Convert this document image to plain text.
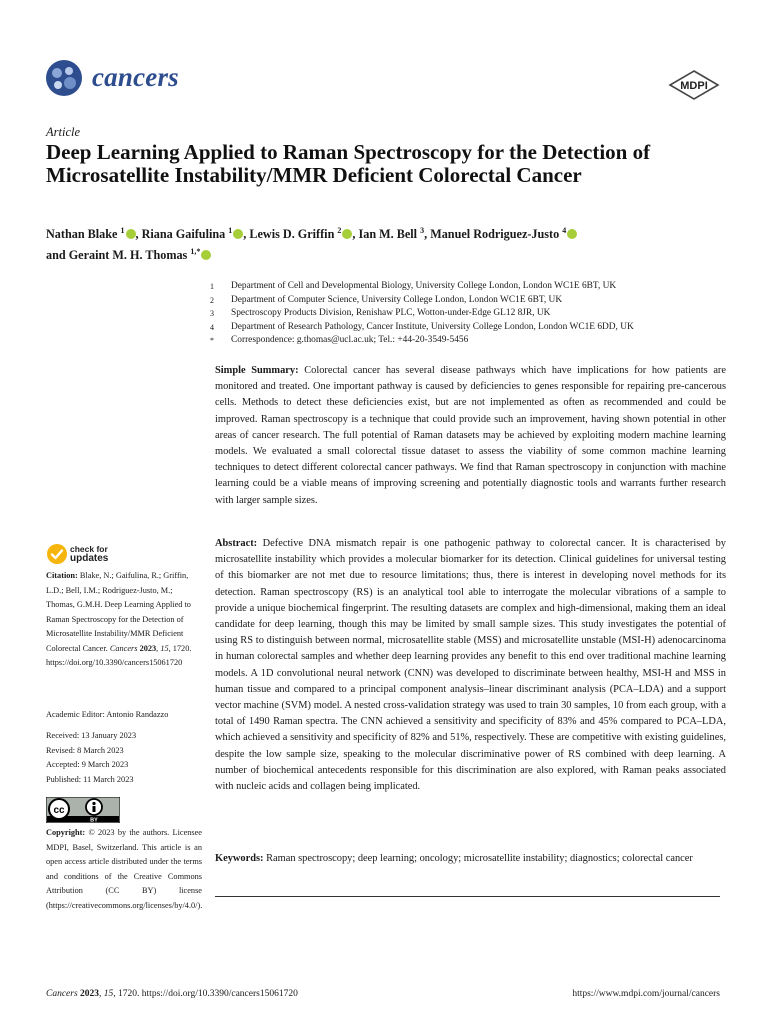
cancers	MDPI
Article
Deep Learning Applied to Raman Spectroscopy for the Detection of Microsatellite Instability/MMR Deficient Colorectal Cancer
Nathan Blake $^1$ , Riana Gaifulina $^1$ , Lewis D. Griffin $^2$ , Ian M. Bell $^3$, Manuel Rodriguez-Justo $^4$
and Geraint M. H. Thomas $^{1,*}$
1	Department of Cell and Developmental Biology, University College London, London WC1E 6BT, UK
2	Department of Computer Science, University College London, London WC1E 6BT, UK
3	Spectroscopy Products Division, Renishaw PLC, Wotton-under-Edge GL12 8JR, UK
4	Department of Research Pathology, Cancer Institute, University College London, London WC1E 6DD, UK
*	Correspondence: g.thomas@ucl.ac.uk; Tel.: +44-20-3549-5456
Simple Summary: Colorectal cancer has several disease pathways which have implications for how patients are monitored and treated. One important pathway is caused by deficiencies to genes responsible for repairing pre-cancerous cells. Methods to detect these deficiencies exist, but are not implemented as often as recommended and could be improved. Raman spectroscopy is a technique that could provide such an improvement, having shown potential in other areas of cancer research. The full potential of Raman datasets may be achieved by exploiting modern machine learning models. We evaluated a small colorectal tissue dataset to assess the viability of some common machine learning techniques to detect different colorectal cancer pathways. We find that Raman spectroscopy in conjunction with machine learning could be a viable means of improving screening and potentially diagnostic tools and warrants further research with larger sample sizes.
Abstract: Defective DNA mismatch repair is one pathogenic pathway to colorectal cancer. It is characterised by microsatellite instability which provides a molecular biomarker for its detection. Clinical guidelines for universal testing of this biomarker are not met due to resource limitations; thus, there is interest in developing novel methods for its detection. Raman spectroscopy (RS) is an analytical tool able to interrogate the molecular vibrations of a sample to provide a unique biochemical fingerprint. The resulting datasets are complex and high-dimensional, making them an ideal candidate for deep learning, though this may be limited by small sample sizes. This study investigates the potential of using RS to distinguish between normal, microsatellite stable (MSS) and microsatellite unstable (MSI-H) adenocarcinoma in human colorectal samples and whether deep learning provides any benefit to this end over traditional machine learning models. A 1D convolutional neural network (CNN) was developed to discriminate between healthy, MSI-H and MSS in human tissue and compared to a principal component analysis–linear discriminant analysis (PCA–LDA) and a support vector machine (SVM) model. A nested cross-validation strategy was used to train 30 samples, 10 from each group, with a total of 1490 Raman spectra. The CNN achieved a sensitivity and specificity of 83% and 45% compared to PCA–LDA, which achieved a sensitivity and specificity of 82% and 51%, respectively. These are competitive with existing guidelines, despite the low sample size, speaking to the molecular discriminative power of RS combined with deep learning. A number of biochemical antecedents responsible for this discrimination are also explored, with Raman peaks associated with nucleic acids and collagen being implicated.
Keywords: Raman spectroscopy; deep learning; oncology; microsatellite instability; diagnostics; colorectal cancer
check for
updates
Citation: Blake, N.; Gaifulina, R.; Griffin, L.D.; Bell, I.M.; Rodriguez-Justo, M.; Thomas, G.M.H. Deep Learning Applied to Raman Spectroscopy for the Detection of Microsatellite Instability/MMR Deficient Colorectal Cancer. Cancers 2023, 15, 1720. https://doi.org/10.3390/cancers15061720
Academic Editor: Antonio Randazzo
Received: 13 January 2023
Revised: 8 March 2023
Accepted: 9 March 2023
Published: 11 March 2023
cc
BY
Copyright: © 2023 by the authors. Licensee MDPI, Basel, Switzerland. This article is an open access article distributed under the terms and conditions of the Creative Commons Attribution (CC BY) license (https://creativecommons.org/licenses/by/4.0/).
Cancers 2023, 15, 1720. https://doi.org/10.3390/cancers15061720	https://www.mdpi.com/journal/cancers
